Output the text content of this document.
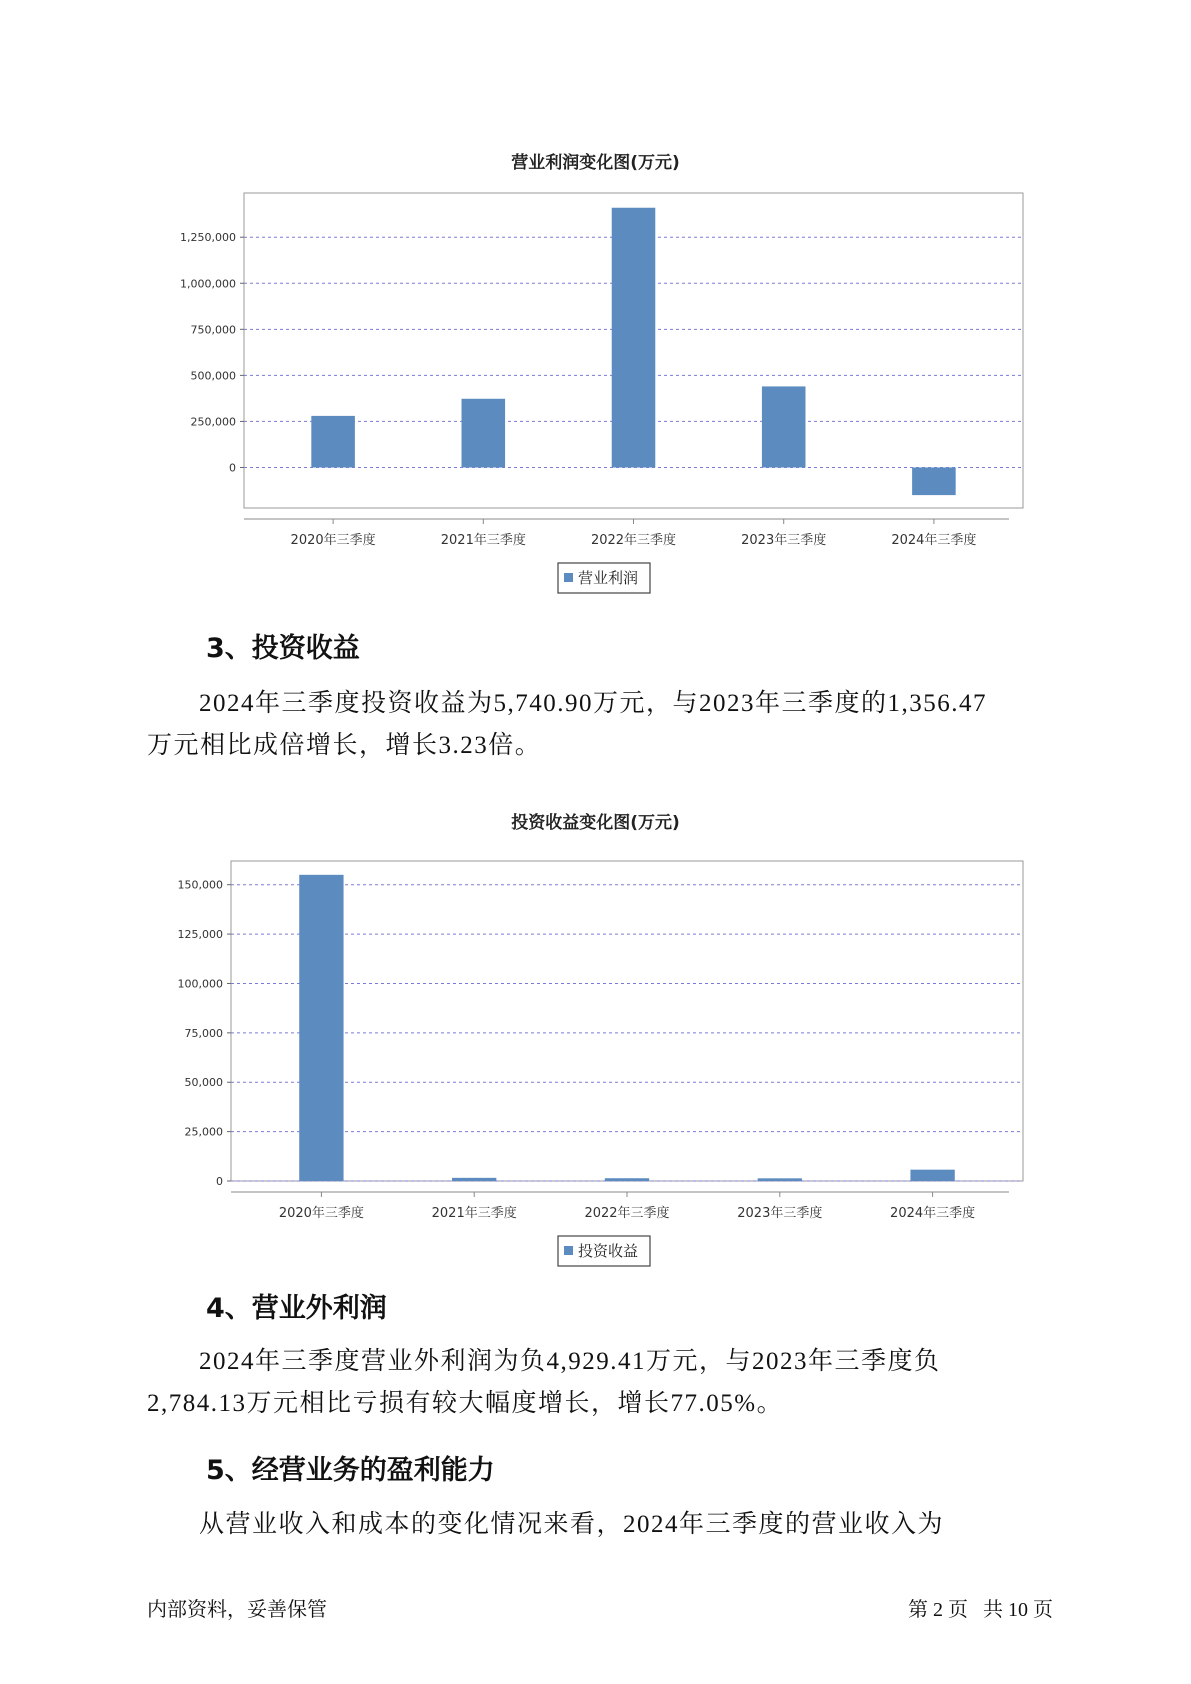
营业利润变化图(万元)
0
250,000
500,000
750,000
1,000,000
1,250,000
2020年三季度	2021年三季度	2022年三季度	2023年三季度	2024年三季度
营业利润
投资收益变化图(万元)
0
25,000
50,000
75,000
100,000
125,000
150,000
2020年三季度	2021年三季度	2022年三季度	2023年三季度	2024年三季度
投资收益
3、投资收益
2024年三季度投资收益为5,740.90万元，与2023年三季度的1,356.47
万元相比成倍增长，增长3.23倍。
4、营业外利润
2024年三季度营业外利润为负4,929.41万元，与2023年三季度负
2,784.13万元相比亏损有较大幅度增长，增长77.05%。
5、经营业务的盈利能力
从营业收入和成本的变化情况来看，2024年三季度的营业收入为
内部资料，妥善保管	第 2 页   共 10 页
